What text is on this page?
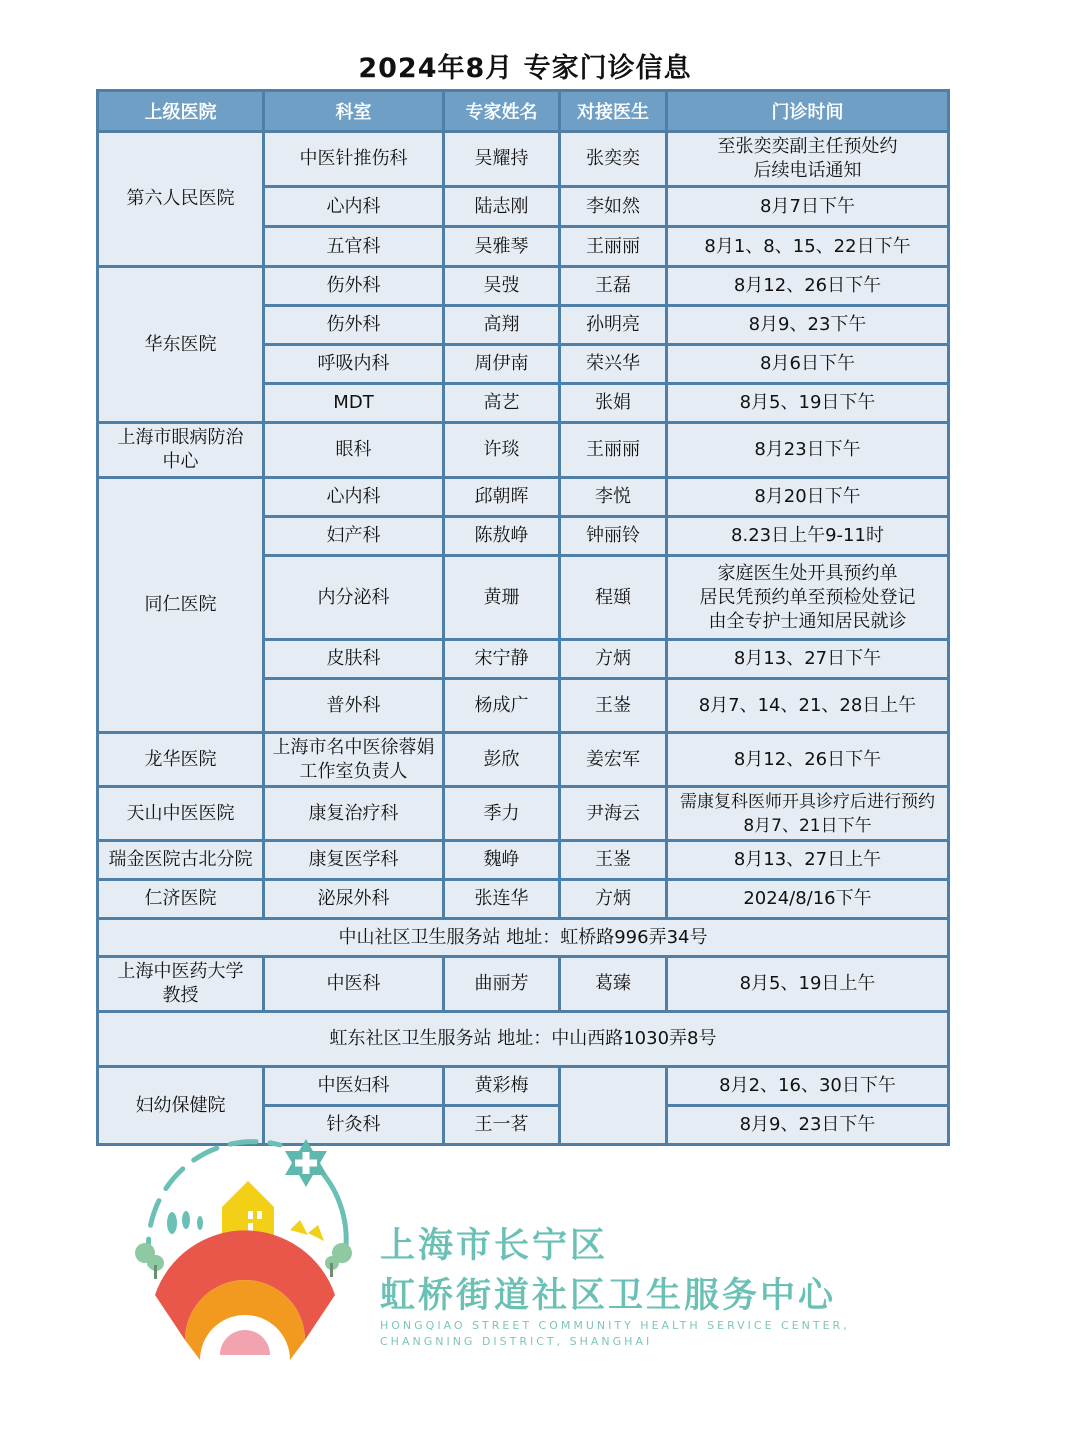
2024年8月 专家门诊信息
上级医院	科室	专家姓名	对接医生	门诊时间
第六人民医院	中医针推伤科	吴耀持	张奕奕	至张奕奕副主任预处约
后续电话通知

	心内科	陆志刚	李如然	8月7日下午
	五官科	吴雅琴	王丽丽	8月1、8、15、22日下午
华东医院	伤外科	吴弢	王磊	8月12、26日下午
	伤外科	高翔	孙明亮	8月9、23下午
	呼吸内科	周伊南	荣兴华	8月6日下午
	MDT	高艺	张娟	8月5、19日下午

上海市眼病防治
中心	眼科	许琰	王丽丽	8月23日下午
同仁医院	心内科	邱朝晖	李悦	8月20日下午
	妇产科	陈敖峥	钟丽铃	8.23日上午9-11时
	内分泌科	黄珊	程頲	家庭医生处开具预约单
居民凭预约单至预检处登记
由全专护士通知居民就诊

	皮肤科	宋宁静	方炳	8月13、27日下午
	普外科	杨成广	王崟	8月7、14、21、28日上午
龙华医院	上海市名中医徐蓉娟
工作室负责人	彭欣	姜宏军	8月12、26日下午
天山中医医院	康复治疗科	季力	尹海云	需康复科医师开具诊疗后进行预约
8月7、21日下午

瑞金医院古北分院	康复医学科	魏峥	王崟	8月13、27日上午
仁济医院	泌尿外科	张连华	方炳	2024/8/16下午
中山社区卫生服务站 地址：虹桥路996弄34号				

上海中医药大学
教授	中医科	曲丽芳	葛臻	8月5、19日上午
虹东社区卫生服务站 地址：中山西路1030弄8号				
妇幼保健院	中医妇科	黄彩梅		8月2、16、30日下午
	针灸科	王一茗		8月9、23日下午
上海市长宁区
虹桥街道社区卫生服务中心
HONGQIAO STREET COMMUNITY HEALTH SERVICE CENTER,
CHANGNING DISTRICT, SHANGHAI
